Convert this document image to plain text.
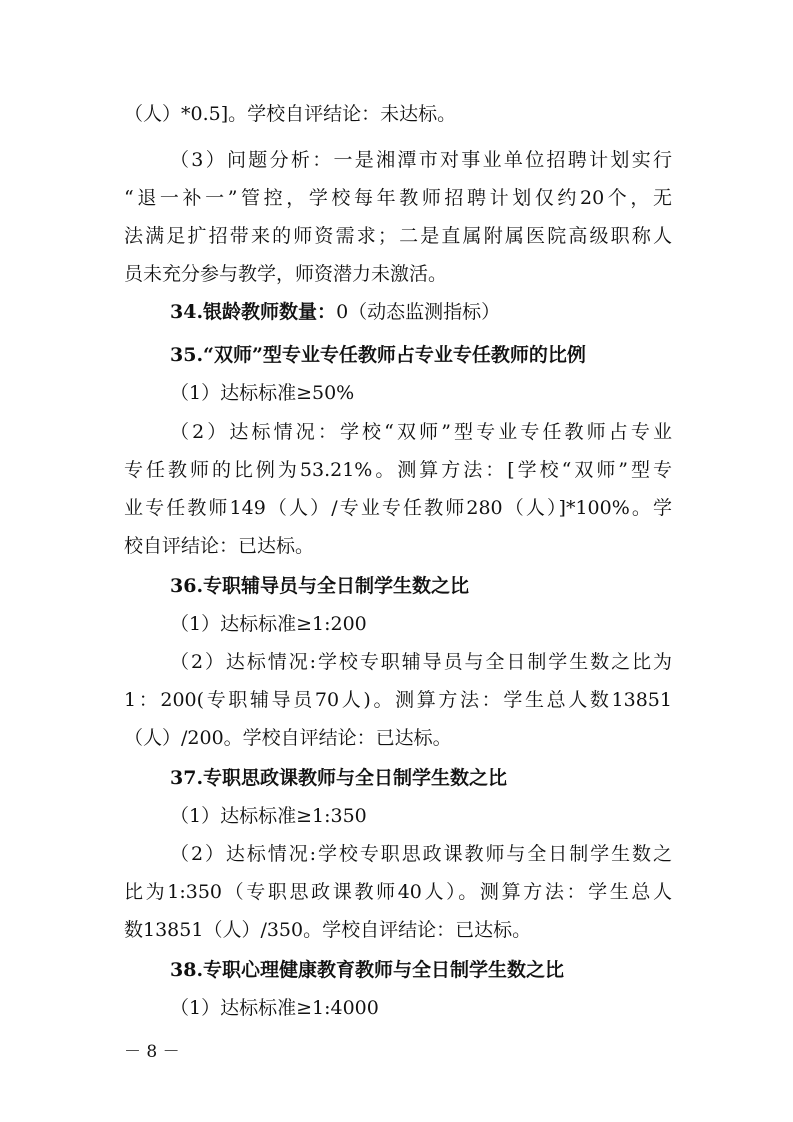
（人）*0.5]。学校自评结论：未达标。
（3）问题分析：一是湘潭市对事业单位招聘计划实行
“退一补一”管控，学校每年教师招聘计划仅约20个，无
法满足扩招带来的师资需求；二是直属附属医院高级职称人
员未充分参与教学，师资潜力未激活。
34.银龄教师数量：0（动态监测指标）
35.“双师”型专业专任教师占专业专任教师的比例
（1）达标标准≥50%
（2）达标情况：学校“双师”型专业专任教师占专业
专任教师的比例为53.21%。测算方法：[学校“双师”型专
业专任教师149（人）/专业专任教师280（人）]*100%。学
校自评结论：已达标。
36.专职辅导员与全日制学生数之比
（1）达标标准≥1:200
（2）达标情况:学校专职辅导员与全日制学生数之比为
1：200(专职辅导员70人)。测算方法：学生总人数13851
（人）/200。学校自评结论：已达标。
37.专职思政课教师与全日制学生数之比
（1）达标标准≥1:350
（2）达标情况:学校专职思政课教师与全日制学生数之
比为1:350（专职思政课教师40人）。测算方法：学生总人
数13851（人）/350。学校自评结论：已达标。
38.专职心理健康教育教师与全日制学生数之比
（1）达标标准≥1:4000
－ 8 －
